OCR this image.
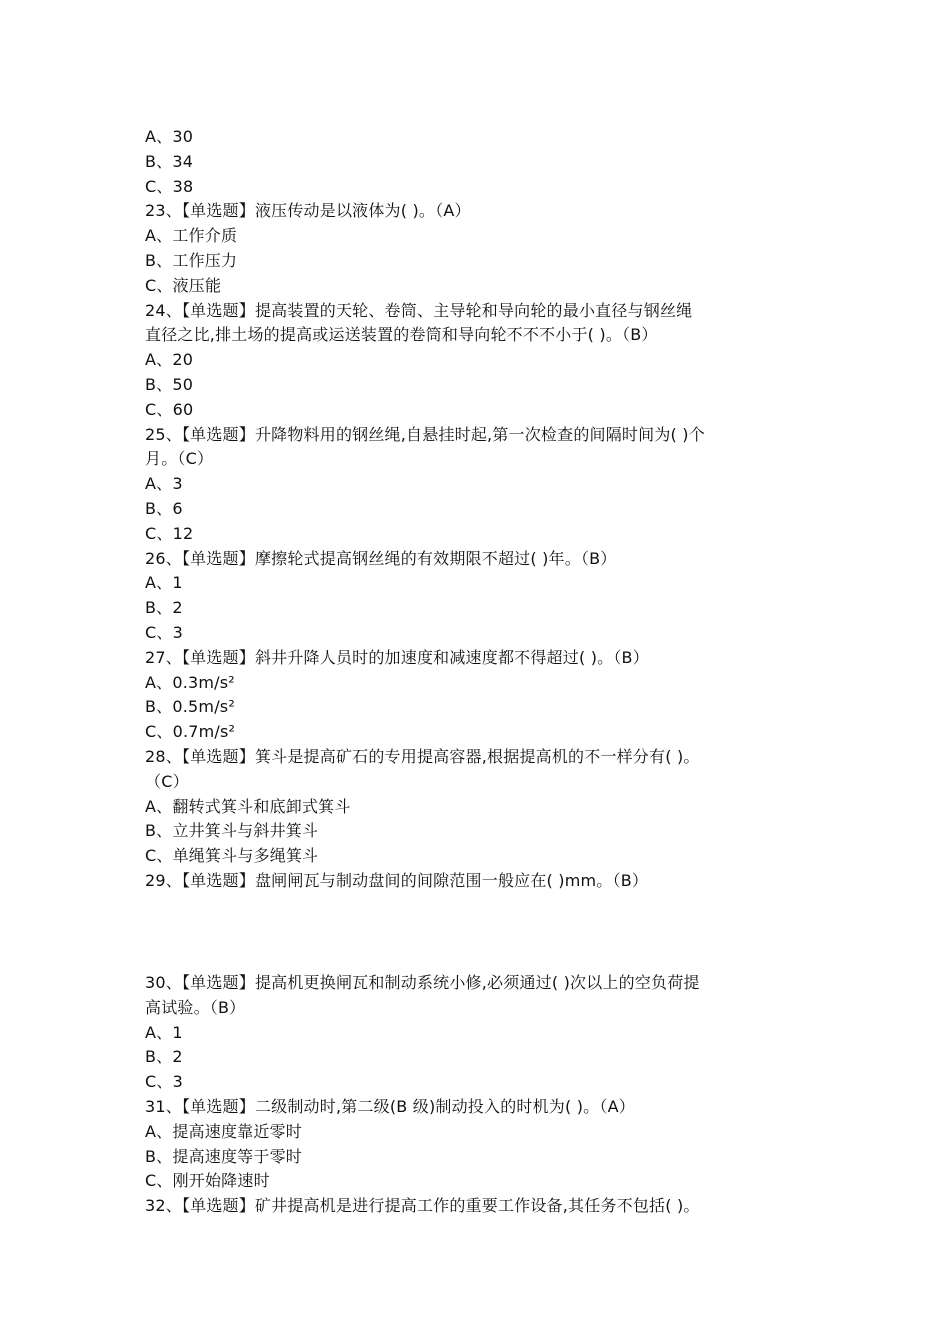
A、30
B、34
C、38
23、【单选题】液压传动是以液体为( )。（A）
A、工作介质
B、工作压力
C、液压能
24、【单选题】提高装置的天轮、卷筒、主导轮和导向轮的最小直径与钢丝绳
直径之比,排土场的提高或运送装置的卷筒和导向轮不不不小于( )。（B）
A、20
B、50
C、60
25、【单选题】升降物料用的钢丝绳,自悬挂时起,第一次检查的间隔时间为( )个
月。（C）
A、3
B、6
C、12
26、【单选题】摩擦轮式提高钢丝绳的有效期限不超过( )年。（B）
A、1
B、2
C、3
27、【单选题】斜井升降人员时的加速度和减速度都不得超过( )。（B）
A、0.3m/s²
B、0.5m/s²
C、0.7m/s²
28、【单选题】箕斗是提高矿石的专用提高容器,根据提高机的不一样分有( )。
（C）
A、翻转式箕斗和底卸式箕斗
B、立井箕斗与斜井箕斗
C、单绳箕斗与多绳箕斗
29、【单选题】盘闸闸瓦与制动盘间的间隙范围一般应在( )mm。（B）
30、【单选题】提高机更换闸瓦和制动系统小修,必须通过( )次以上的空负荷提
高试验。（B）
A、1
B、2
C、3
31、【单选题】二级制动时,第二级(B 级)制动投入的时机为( )。（A）
A、提高速度靠近零时
B、提高速度等于零时
C、刚开始降速时
32、【单选题】矿井提高机是进行提高工作的重要工作设备,其任务不包括( )。
